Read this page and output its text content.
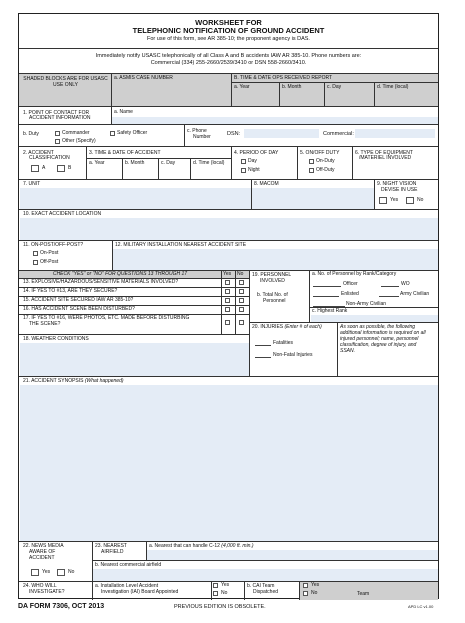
WORKSHEET FOR
TELEPHONIC NOTIFICATION OF GROUND ACCIDENT
For use of this form, see AR 385-10; the proponent agency is DAS.
Immediately notify USASC telephonically of all Class A and B accidents IAW AR 385-10. Phone numbers are:
Commercial (334) 255-2660/2539/3410 or DSN 558-2660/3410.
SHADED BLOCKS ARE FOR USASC USE ONLY
a. ASMIS CASE NUMBER	B. TIME & DATE OPS RECEIVED REPORT
a. Year	b. Month	c. Day	d. Time (local)
1. POINT OF CONTACT FOR
ACCIDENT INFORMATION
a. Name
b. Duty	Commander	Safety Officer
Other (Specify)
c. Phone
Number	DSN:	Commercial:
2. ACCIDENT
CLASSIFICATION
A	B
3. TIME & DATE OF ACCIDENT
a. Year	b. Month	c. Day	d. Time (local)
4. PERIOD OF DAY
Day
Night
5. ON/OFF DUTY
On-Duty
Off-Duty
6. TYPE OF EQUIPMENT
/MATERIEL INVOLVED
7. UNIT	8. MACOM	9. NIGHT VISION
DEVISE IN USE
Yes	No
10. EXACT ACCIDENT LOCATION
11. ON-POST/OFF-POST?
On-Post
Off-Post
12. MILITARY INSTALLATION NEAREST ACCIDENT SITE
CHECK "YES" or "NO" FOR QUESTIONS 13 THROUGH 17	Yes No
13. EXPLOSIVE/HAZARDOUS/SENSITIVE MATERIALS INVOLVED?
14. IF YES TO #13, ARE THEY SECURE?
15. ACCIDENT SITE SECURED IAW AR 385-10?
16. HAS ACCIDENT SCENE BEEN DISTURBED?
17. IF YES TO #16, WERE PHOTOS, ETC. MADE BEFORE DISTURBING
THE SCENE?
18. WEATHER CONDITIONS
19. PERSONNEL
INVOLVED
a. No. of Personnel by Rank/Category
Officer	WO
Enlisted	Army Civilian
Non-Army Civilian
b. Total No. of
Personnel
c. Highest Rank
20. INJURIES (Enter # of each)
Fatalities
Non-Fatal Injuries
As soon as possible, the following
additional information is required on all
injured personnel; name, personnel
classification, degree of injury, and
SSAN.
21. ACCIDENT SYNOPSIS (What happened)
22. NEWS MEDIA
AWARE OF
ACCIDENT
Yes	No
23. NEAREST
AIRFIELD
a. Nearest that can handle C-12 (4,000 ft. min.)
b. Nearest commercial airfield
24. WHO WILL
INVESTIGATE?
a. Installation Level Accident
Investigation (IAI) Board Appointed
Yes
No
b. CAI Team
Dispatched
Yes
No	Team
DA FORM 7306, OCT 2013	PREVIOUS EDITION IS OBSOLETE.	APD LC v1.00
